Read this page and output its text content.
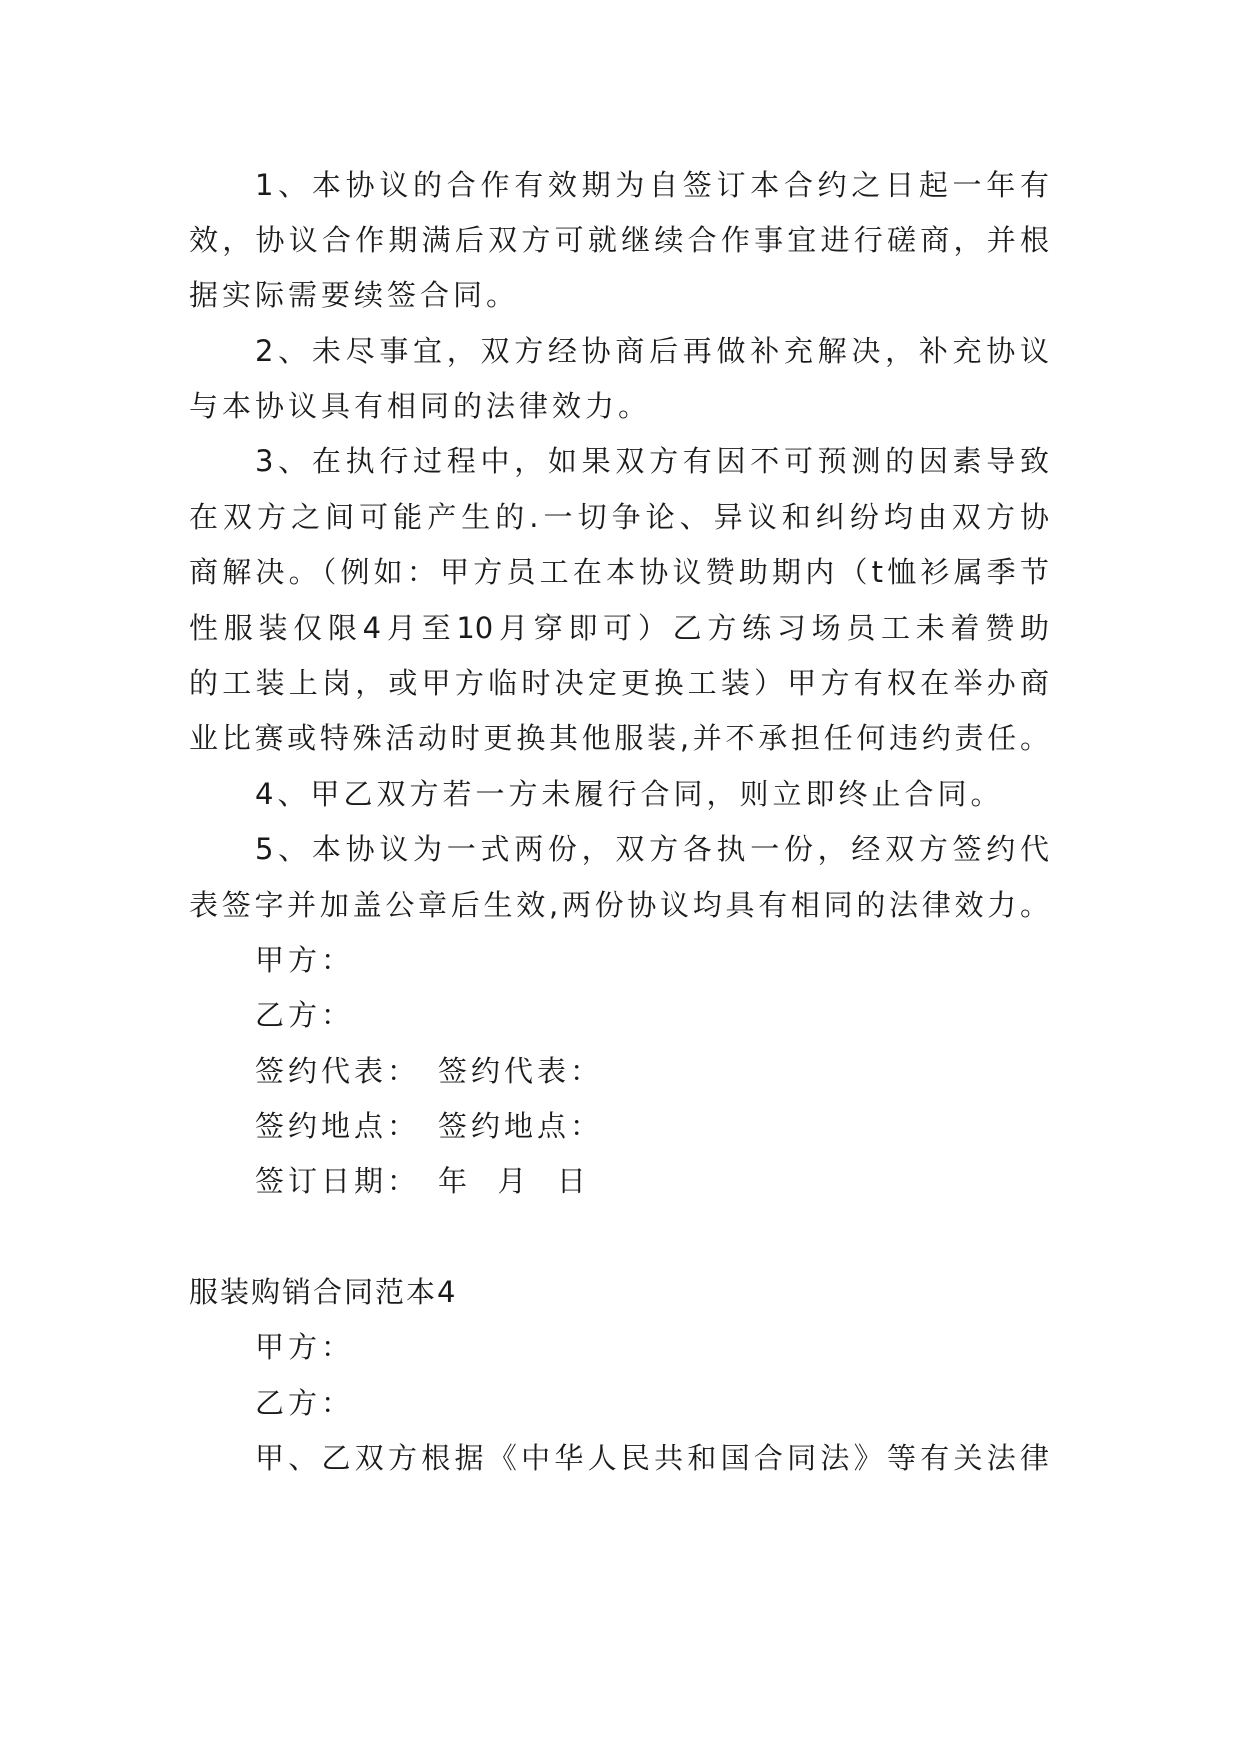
1、本协议的合作有效期为自签订本合约之日起一年有
效，协议合作期满后双方可就继续合作事宜进行磋商，并根
据实际需要续签合同。
2、未尽事宜，双方经协商后再做补充解决，补充协议
与本协议具有相同的法律效力。
3、在执行过程中，如果双方有因不可预测的因素导致
在双方之间可能产生的.一切争论、异议和纠纷均由双方协
商解决。（例如：甲方员工在本协议赞助期内（t恤衫属季节
性服装仅限4月至10月穿即可）乙方练习场员工未着赞助
的工装上岗，或甲方临时决定更换工装）甲方有权在举办商
业比赛或特殊活动时更换其他服装,并不承担任何违约责任。
4、甲乙双方若一方未履行合同，则立即终止合同。
5、本协议为一式两份，双方各执一份，经双方签约代
表签字并加盖公章后生效,两份协议均具有相同的法律效力。
甲方：
乙方：
签约代表： 签约代表：
签约地点： 签约地点：
签订日期： 年  月  日
服装购销合同范本4
甲方：
乙方：
甲、乙双方根据《中华人民共和国合同法》等有关法律
